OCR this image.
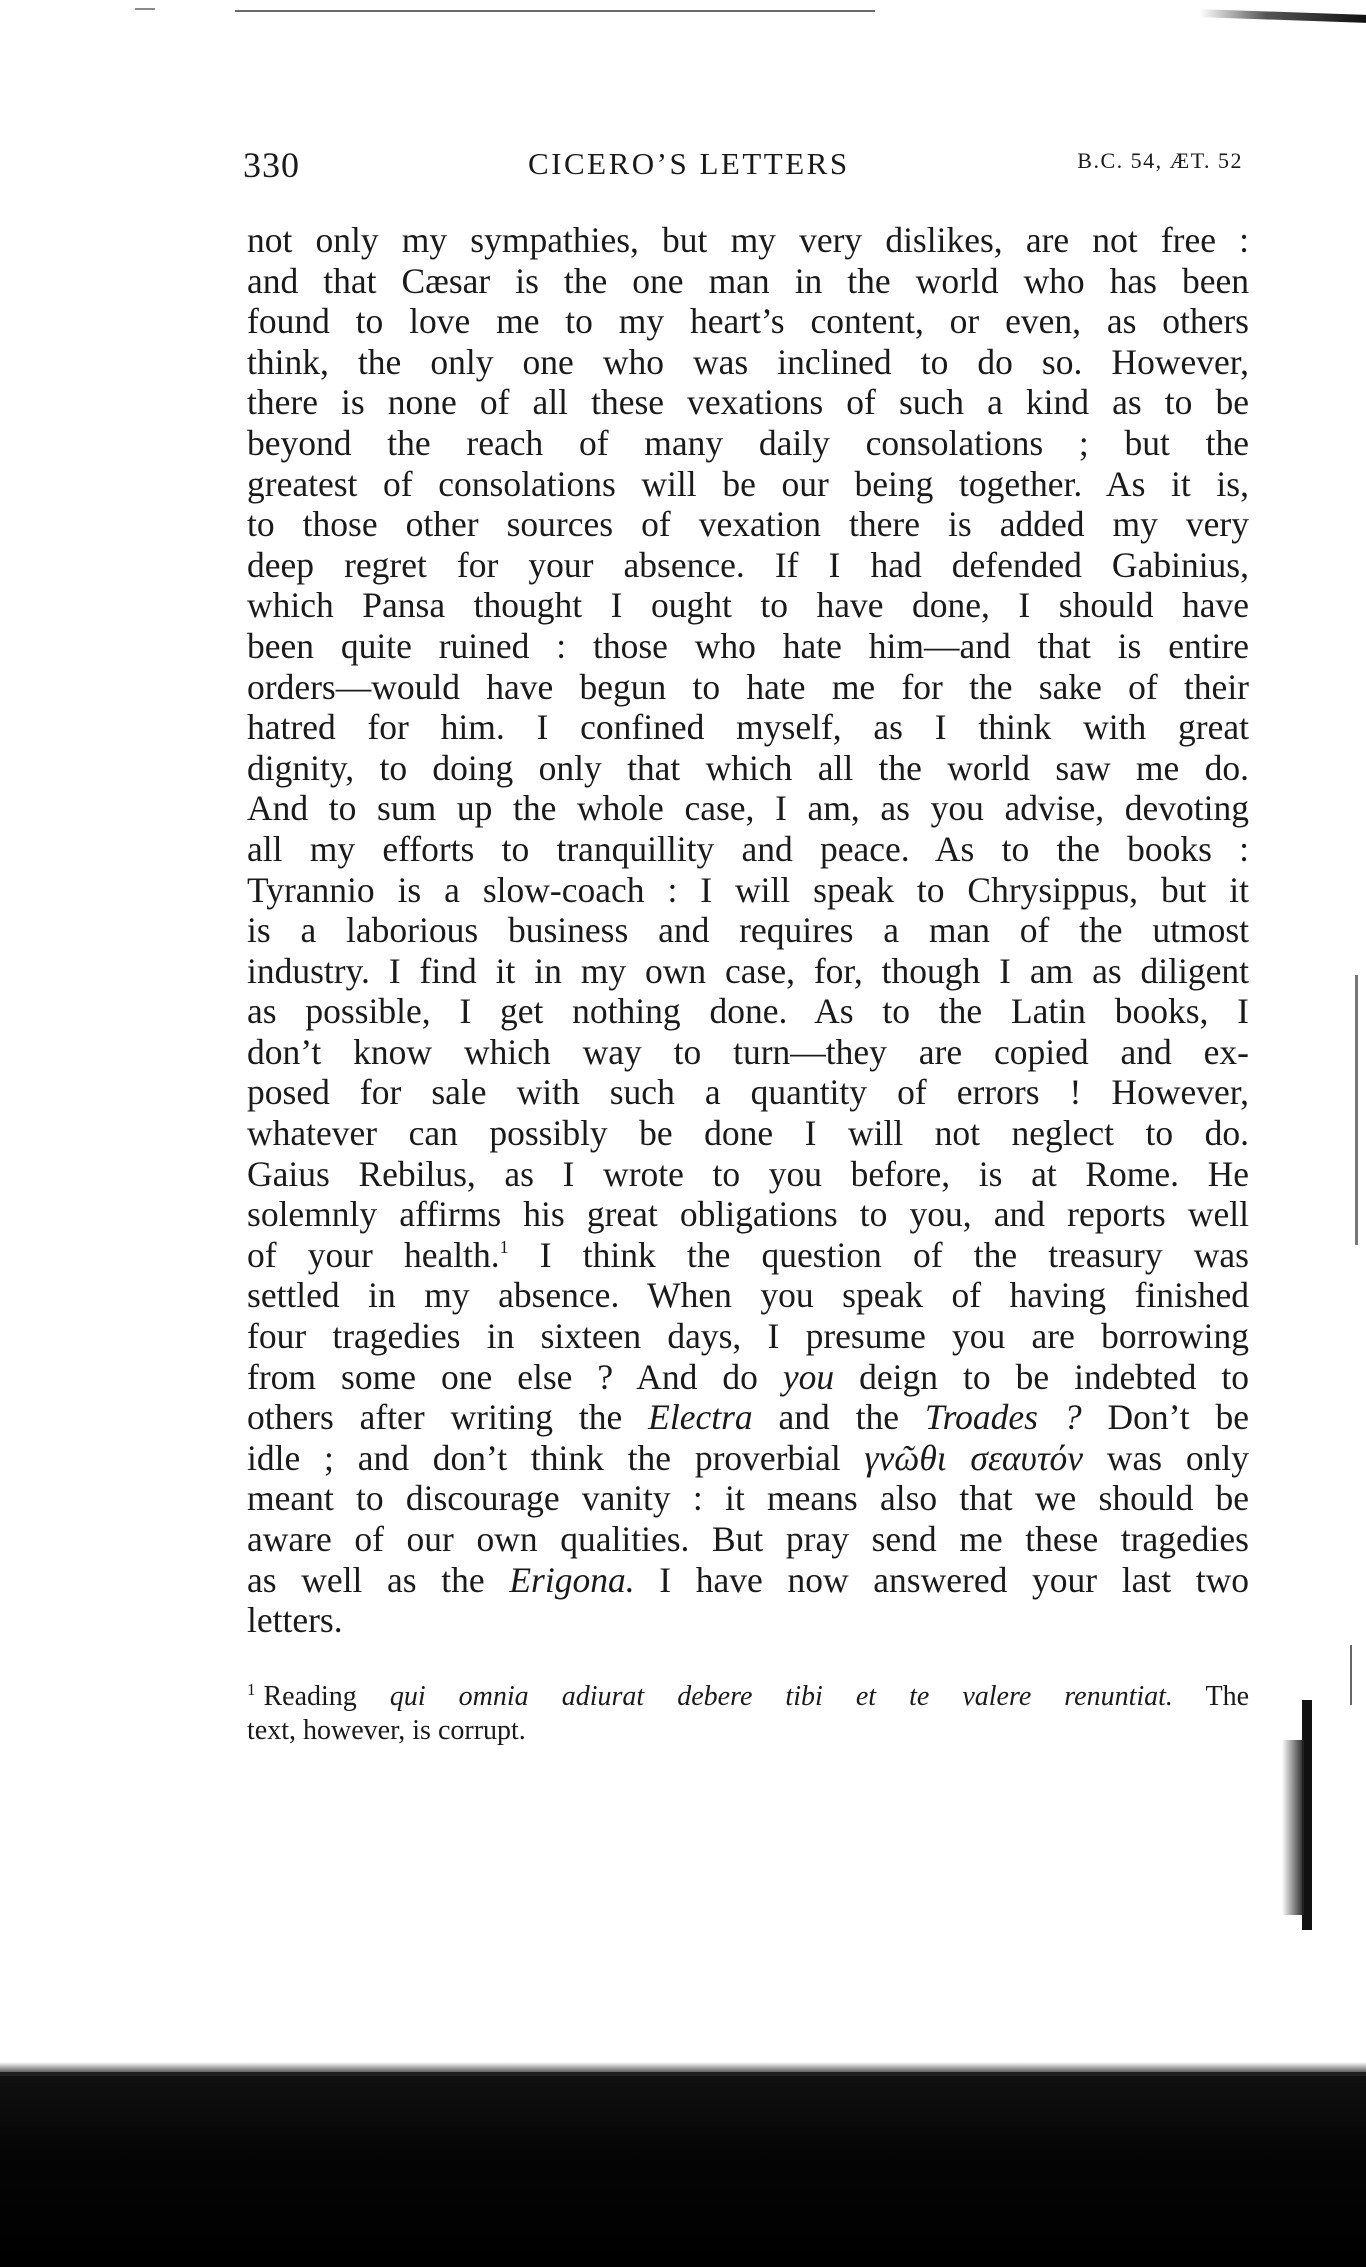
330	CICERO’S LETTERS	B.C. 54, ÆT. 52
not only my sympathies, but my very dislikes, are not free :
and that Cæsar is the one man in the world who has been
found to love me to my heart’s content, or even, as others
think, the only one who was inclined to do so. However,
there is none of all these vexations of such a kind as to be
beyond the reach of many daily consolations ; but the
greatest of consolations will be our being together. As it is,
to those other sources of vexation there is added my very
deep regret for your absence. If I had defended Gabinius,
which Pansa thought I ought to have done, I should have
been quite ruined : those who hate him—and that is entire
orders—would have begun to hate me for the sake of their
hatred for him. I confined myself, as I think with great
dignity, to doing only that which all the world saw me do.
And to sum up the whole case, I am, as you advise, devoting
all my efforts to tranquillity and peace. As to the books :
Tyrannio is a slow-coach : I will speak to Chrysippus, but it
is a laborious business and requires a man of the utmost
industry. I find it in my own case, for, though I am as diligent
as possible, I get nothing done. As to the Latin books, I
don’t know which way to turn—they are copied and ex-
posed for sale with such a quantity of errors ! However,
whatever can possibly be done I will not neglect to do.
Gaius Rebilus, as I wrote to you before, is at Rome. He
solemnly affirms his great obligations to you, and reports well
of your health.$^1$ I think the question of the treasury was
settled in my absence. When you speak of having finished
four tragedies in sixteen days, I presume you are borrowing
from some one else ? And do you deign to be indebted to
others after writing the Electra and the Troades ? Don’t be
idle ; and don’t think the proverbial γνῶθι σεαυτόν was only
meant to discourage vanity : it means also that we should be
aware of our own qualities. But pray send me these tragedies
as well as the Erigona. I have now answered your last two
letters.
$^1$ Reading qui omnia adiurat debere tibi et te valere renuntiat. The
text, however, is corrupt.
